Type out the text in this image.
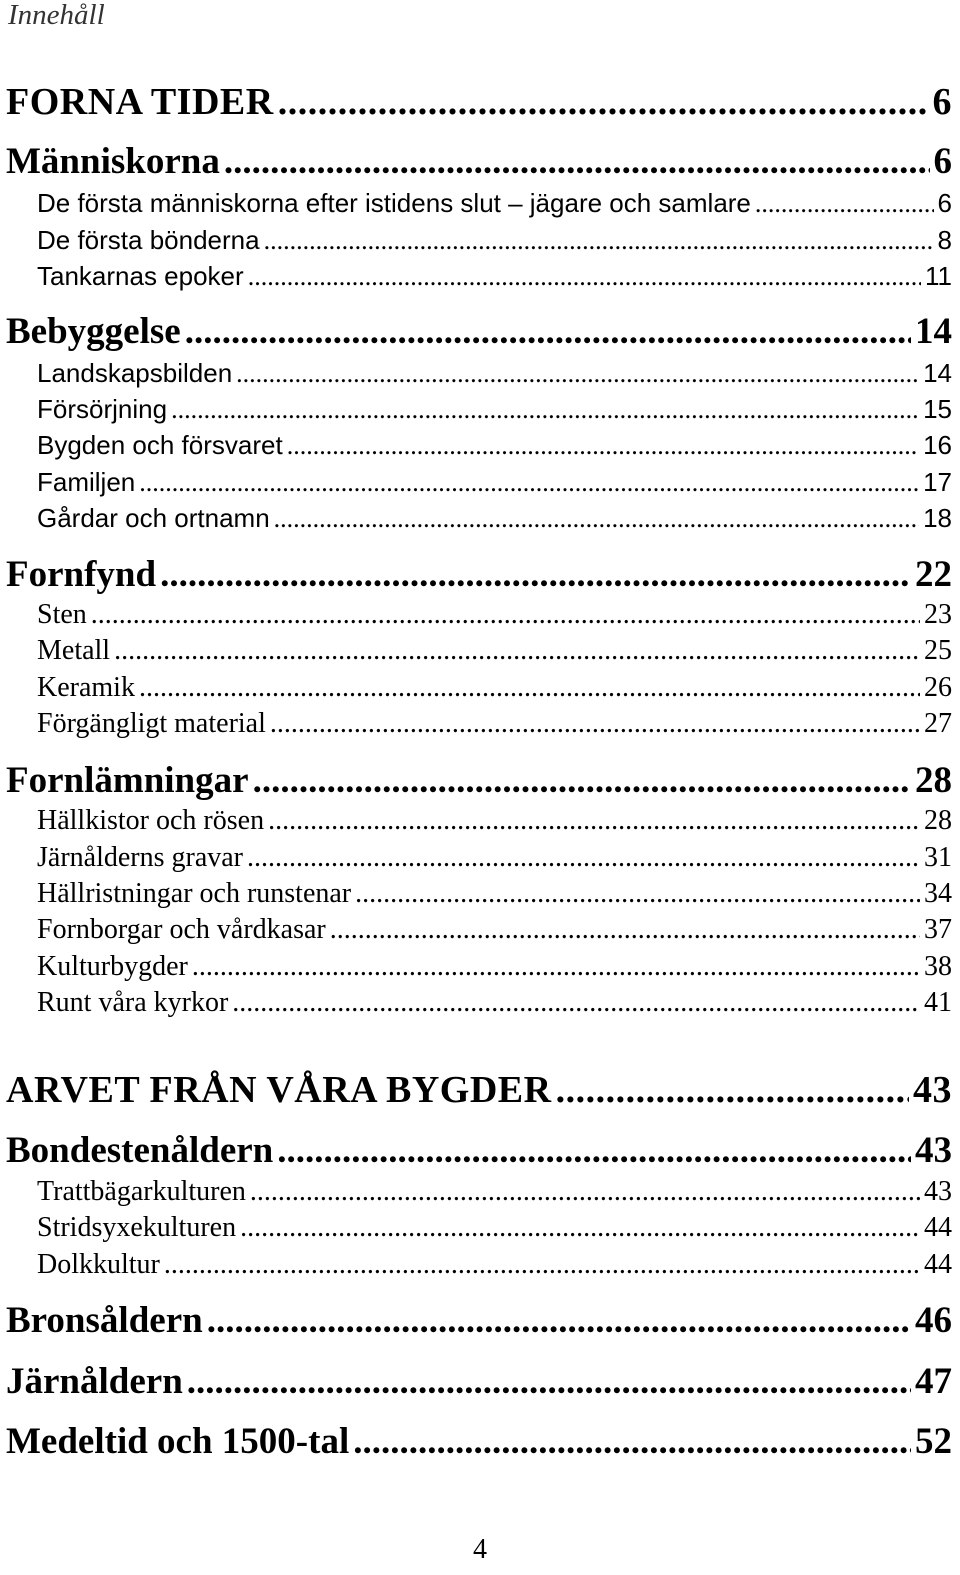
Innehåll
FORNA TIDER .....	6
Människorna .....	6
De första människorna efter istidens slut – jägare och samlare .....	6
De första bönderna .....	8
Tankarnas epoker .....	11
Bebyggelse .....	14
Landskapsbilden .....	14
Försörjning .....	15
Bygden och försvaret .....	16
Familjen .....	17
Gårdar och ortnamn .....	18
Fornfynd .....	22
Sten .....	23
Metall .....	25
Keramik .....	26
Förgängligt material .....	27
Fornlämningar .....	28
Hällkistor och rösen .....	28
Järnålderns gravar .....	31
Hällristningar och runstenar .....	34
Fornborgar och vårdkasar .....	37
Kulturbygder .....	38
Runt våra kyrkor .....	41
ARVET FRÅN VÅRA BYGDER .....	43
Bondestenåldern .....	43
Trattbägarkulturen .....	43
Stridsyxekulturen .....	44
Dolkkultur .....	44
Bronsåldern .....	46
Järnåldern .....	47
Medeltid och 1500-tal .....	52
4
